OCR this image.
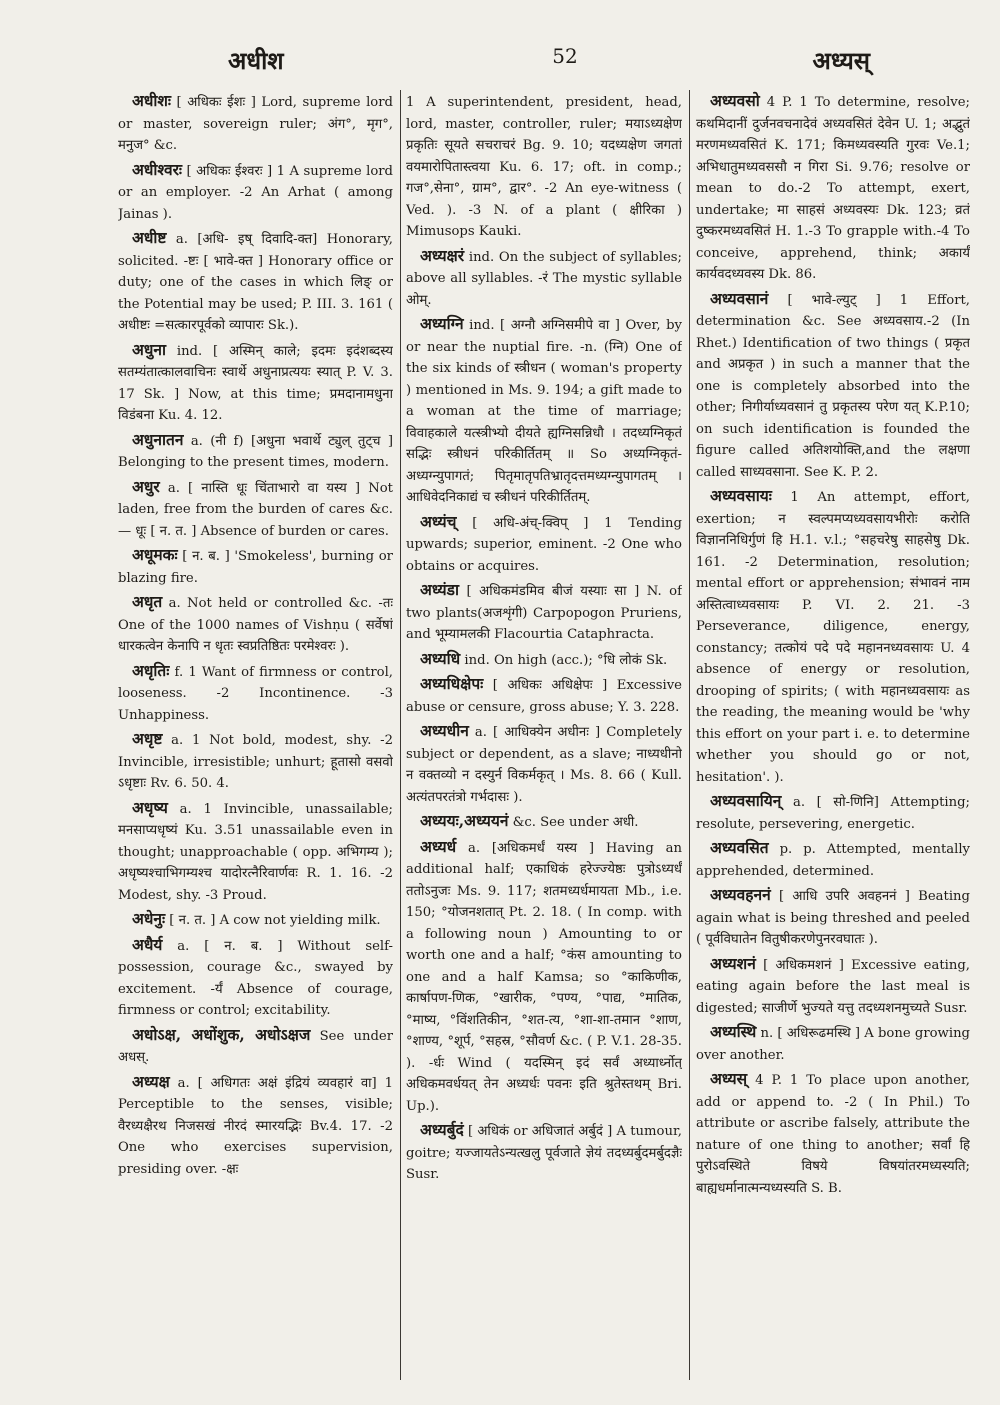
अधीश	52	अध्यस्

अधीशः [ अधिकः ईशः ] Lord, supreme lord or master, sovereign ruler; अंग°, मृग°, मनुज° &c.

अधीश्वरः [ अधिकः ईश्वरः ] 1 A supreme lord or an employer. -2 An Arhat ( among Jainas ).

अधीष्ट a. [अधि- इष् दिवादि-क्त] Honorary, solicited. -ष्टः [ भावे-क्त ] Honorary office or duty; one of the cases in which लिङ् or the Potential may be used; P. III. 3. 161 ( अधीष्टः =सत्कारपूर्वको व्यापारः Sk.).

अधुना ind. [ अस्मिन् काले; इदमः इदंशब्दस्य सतम्यंतात्कालवाचिनः स्वार्थे अधुनाप्रत्ययः स्यात् P. V. 3. 17 Sk. ] Now, at this time; प्रमदानामधुना विडंबना Ku. 4. 12.

अधुनातन a. (नी f) [अधुना भवार्थे ट्युल् तुट्च ] Belonging to the present times, modern.

अधुर a. [ नास्ति धूः चिंताभारो वा यस्य ] Not laden, free from the burden of cares &c. — धूः [ न. त. ] Absence of burden or cares.

अधूमकः [ न. ब. ] 'Smokeless', burning or blazing fire.

अधृत a. Not held or controlled &c. -तः One of the 1000 names of Vishṇu ( सर्वेषां धारकत्वेन केनापि न धृतः स्वप्रतिष्ठितः परमेश्वरः ).

अधृतिः f. 1 Want of firmness or control, looseness. -2 Incontinence. -3 Unhappiness.

अधृष्ट a. 1 Not bold, modest, shy. -2 Invincible, irresistible; unhurt; हूतासो वसवो ऽधृष्टाः Rv. 6. 50. 4.

अधृष्य a. 1 Invincible, unassailable; मनसाप्यधृष्यं Ku. 3.51 unassailable even in thought; unapproachable ( opp. अभिगम्य ); अधृष्यश्चाभिगम्यश्च यादोरत्नैरिवार्णवः R. 1. 16. -2 Modest, shy. -3 Proud.

अधेनुः [ न. त. ] A cow not yielding milk.

अधैर्य a. [ न. ब. ] Without self-possession, courage &c., swayed by excitement. -र्यं Absence of courage, firmness or control; excitability.

अधोऽक्ष, अधोंशुक, अधोऽक्षज See under अधस्.

अध्यक्ष a. [ अधिगतः अक्षं इंद्रियं व्यवहारं वा] 1 Perceptible to the senses, visible; वैरध्यक्षैरथ निजसखं नीरदं स्मारयद्भिः Bv.4. 17. -2 One who exercises supervision, presiding over. -क्षः

1 A superintendent, president, head, lord, master, controller, ruler; मयाऽध्यक्षेण प्रकृतिः सूयते सचराचरं Bg. 9. 10; यदध्यक्षेण जगतां वयमारोपितास्त्वया Ku. 6. 17; oft. in comp.; गज°,सेना°, ग्राम°, द्वार°. -2 An eye-witness ( Ved. ). -3 N. of a plant ( क्षीरिका ) Mimusops Kauki.

अध्यक्षरं ind. On the subject of syllables; above all syllables. -रं The mystic syllable ओम्.

अध्यग्नि ind. [ अग्नौ अग्निसमीपे वा ] Over, by or near the nuptial fire. -n. (ग्नि) One of the six kinds of स्त्रीधन ( woman's property ) mentioned in Ms. 9. 194; a gift made to a woman at the time of marriage; विवाहकाले यत्स्त्रीभ्यो दीयते ह्यग्निसन्निधौ । तदध्यग्निकृतं सद्भिः स्त्रीधनं परिकीर्तितम् ॥ So अध्यग्निकृतं-अध्यग्न्युपागतं; पितृमातृपतिभ्रातृदत्तमध्यग्न्युपागतम् । आधिवेदनिकाद्यं च स्त्रीधनं परिकीर्तितम्.

अध्यंच् [ अधि-अंच्-क्विप् ] 1 Tending upwards; superior, eminent. -2 One who obtains or acquires.

अध्यंडा [ अधिकमंडमिव बीजं यस्याः सा ] N. of two plants(अजशृंगी) Carpopogon Pruriens, and भूम्यामलकी Flacourtia Cataphracta.

अध्यधि ind. On high (acc.); °धि लोकं Sk.

अध्यधिक्षेपः [ अधिकः अधिक्षेपः ] Excessive abuse or censure, gross abuse; Y. 3. 228.

अध्यधीन a. [ आधिक्येन अधीनः ] Completely subject or dependent, as a slave; नाध्यधीनो न वक्तव्यो न दस्युर्न विकर्मकृत् । Ms. 8. 66 ( Kull. अत्यंतपरतंत्रो गर्भदासः ).

अध्ययः,अध्ययनं &c. See under अधी.

अध्यर्ध a. [अधिकमर्धं यस्य ] Having an additional half; एकाधिकं हरेज्ज्येष्ठः पुत्रोऽध्यर्धं ततोऽनुजः Ms. 9. 117; शतमध्यर्धमायता Mb., i.e. 150; °योजनशतात् Pt. 2. 18. ( In comp. with a following noun ) Amounting to or worth one and a half; °कंस amounting to one and a half Kamsa; so °काकिणीक, कार्षापण-णिक, °खारीक, °पण्य, °पाद्य, °मातिक, °माष्य, °विंशतिकीन, °शत-त्य, °शा-शा-तमान °शाण, °शाण्य, °शूर्प, °सहस्र, °सौवर्ण &c. ( P. V.1. 28-35. ). -र्धः Wind ( यदस्मिन् इदं सर्वं अध्यार्ध्नोत् अधिकमवर्धयत् तेन अध्यर्धः पवनः इति श्रुतेस्तथम् Bri. Up.).

अध्यर्बुदं [ अधिकं or अधिजातं अर्बुदं ] A tumour, goitre; यज्जायतेऽन्यत्खलु पूर्वजाते ज्ञेयं तदध्यर्बुदमर्बुदज्ञैः Susr.

अध्यवसो 4 P. 1 To determine, resolve; कथमिदानीं दुर्जनवचनादेवं अध्यवसितं देवेन U. 1; अद्भुतं मरणमध्यवसितं K. 171; किमध्यवस्यति गुरवः Ve.1; अभिधातुमध्यवससौ न गिरा Si. 9.76; resolve or mean to do.-2 To attempt, exert, undertake; मा साहसं अध्यवस्यः Dk. 123; व्रतं दुष्करमध्यवसितं H. 1.-3 To grapple with.-4 To conceive, apprehend, think; अकार्यं कार्यवदध्यवस्य Dk. 86.

अध्यवसानं [ भावे-ल्युट् ] 1 Effort, determination &c. See अध्यवसाय.-2 (In Rhet.) Identification of two things ( प्रकृत and अप्रकृत ) in such a manner that the one is completely absorbed into the other; निगीर्याध्यवसानं तु प्रकृतस्य परेण यत् K.P.10; on such identification is founded the figure called अतिशयोक्ति,and the लक्षणा called साध्यवसाना. See K. P. 2.

अध्यवसायः 1 An attempt, effort, exertion; न स्वल्पमप्यध्यवसायभीरोः करोति विज्ञाननिधिर्गुणं हि H.1. v.l.; °सहचरेषु साहसेषु Dk. 161. -2 Determination, resolution; mental effort or apprehension; संभावनं नाम अस्तित्वाध्यवसायः P. VI. 2. 21. -3 Perseverance, diligence, energy, constancy; तत्कोयं पदे पदे महाननध्यवसायः U. 4 absence of energy or resolution, drooping of spirits; ( with महानध्यवसायः as the reading, the meaning would be 'why this effort on your part i. e. to determine whether you should go or not, hesitation'. ).

अध्यवसायिन् a. [ सो-णिनि] Attempting; resolute, persevering, energetic.

अध्यवसित p. p. Attempted, mentally apprehended, determined.

अध्यवहननं [ आधि उपरि अवहननं ] Beating again what is being threshed and peeled ( पूर्वविघातेन वितुषीकरणेपुनरवघातः ).

अध्यशनं [ अधिकमशनं ] Excessive eating, eating again before the last meal is digested; साजीर्णे भुज्यते यत्तु तदध्यशनमुच्यते Susr.

अध्यस्थि n. [ अधिरूढमस्थि ] A bone growing over another.

अध्यस् 4 P. 1 To place upon another, add or append to. -2 ( In Phil.) To attribute or ascribe falsely, attribute the nature of one thing to another; सर्वां हि पुरोऽवस्थिते विषये विषयांतरमध्यस्यति; बाह्यधर्मानात्मन्यध्यस्यति S. B.
